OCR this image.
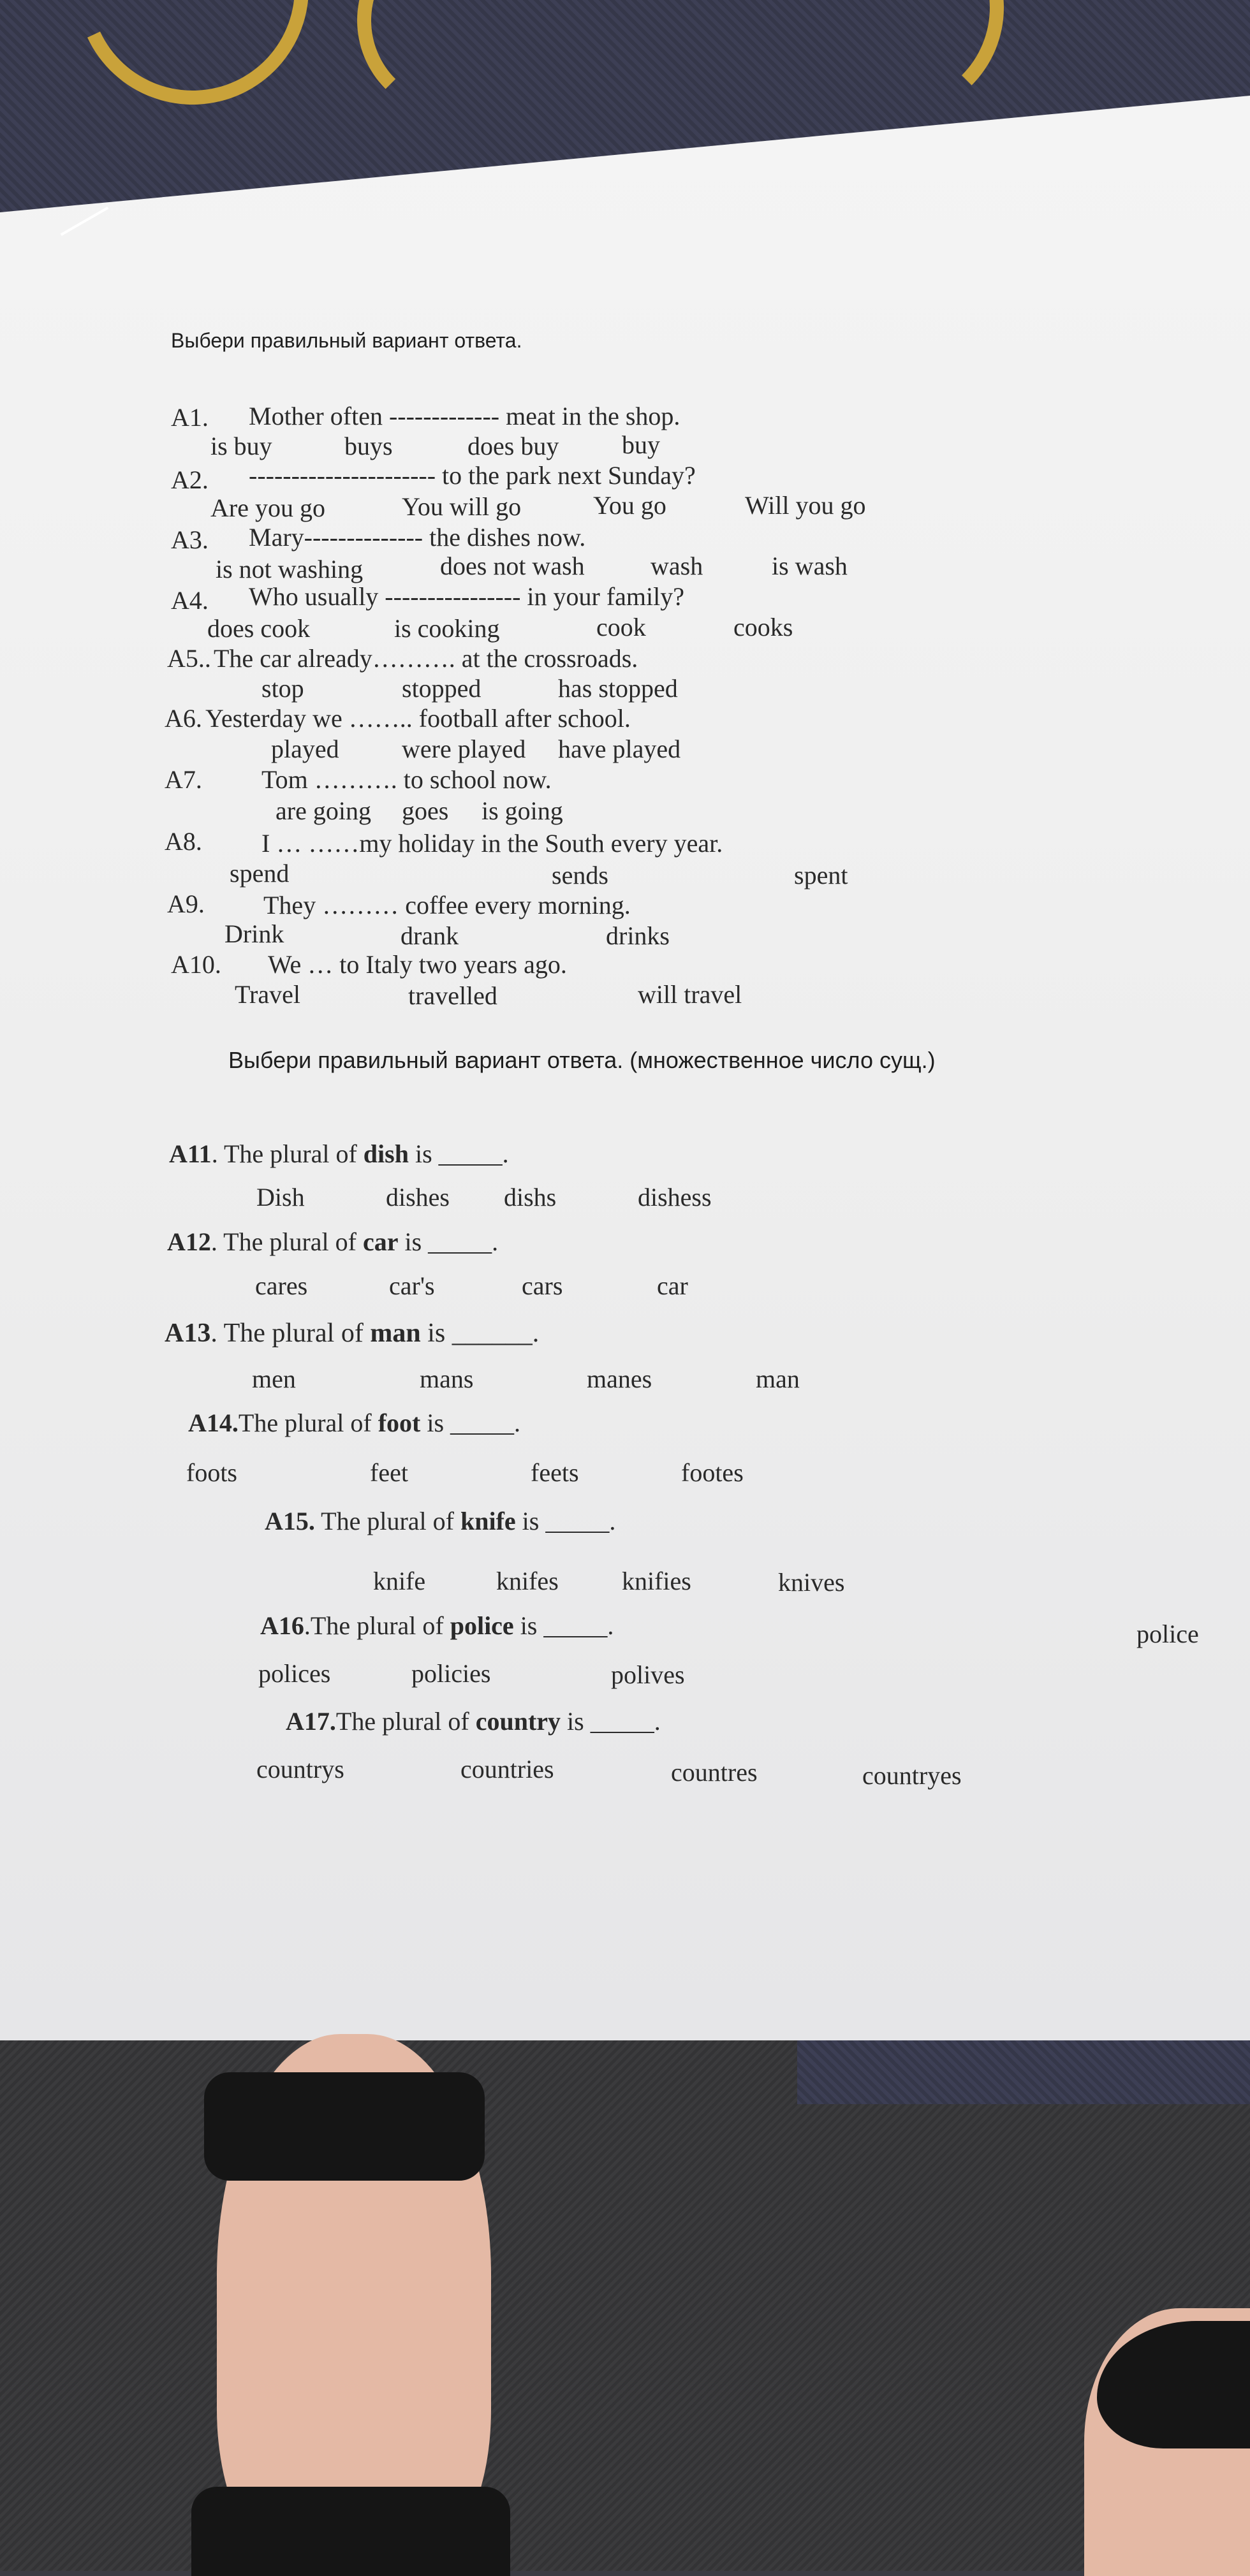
Выбери правильный вариант ответа.
A1. Mother often ------------- meat in the shop.
is buy	buys	does buy buy
A2. ---------------------- to the park next Sunday?
Are you go	You will go	You go	Will you go
A3. Mary-------------- the dishes now.
is not washing	does not wash	wash	is wash
A4. Who usually ---------------- in your family?
does cook	is cooking	cook	cooks
A5.. The car already………. at the crossroads.
stop	stopped	has stopped
A6. Yesterday we …….. football after school.
played were played have played
A7. Tom ………. to school now.
are going goes is going
A8. I … ……my holiday in the South every year.
spend	sends	spent
A9. They ……… coffee every morning.
Drink	drank	drinks
A10. We … to Italy two years ago.
Travel	travelled	will travel
Выбери правильный вариант ответа. (множественное число сущ.)
A11. The plural of dish is _____.
Dish	dishes dishs	dishess
A12. The plural of car is _____.
cares	car's	cars	car
A13. The plural of man is ______.
men	mans	manes	man
A14.The plural of foot is _____.
foots	feet	feets	footes
A15. The plural of knife is _____.
knife	knifes knifies	knives
A16.The plural of police is _____.	police
polices	policies	polives
A17.The plural of country is _____.
countrys	countries	countres	countryes
